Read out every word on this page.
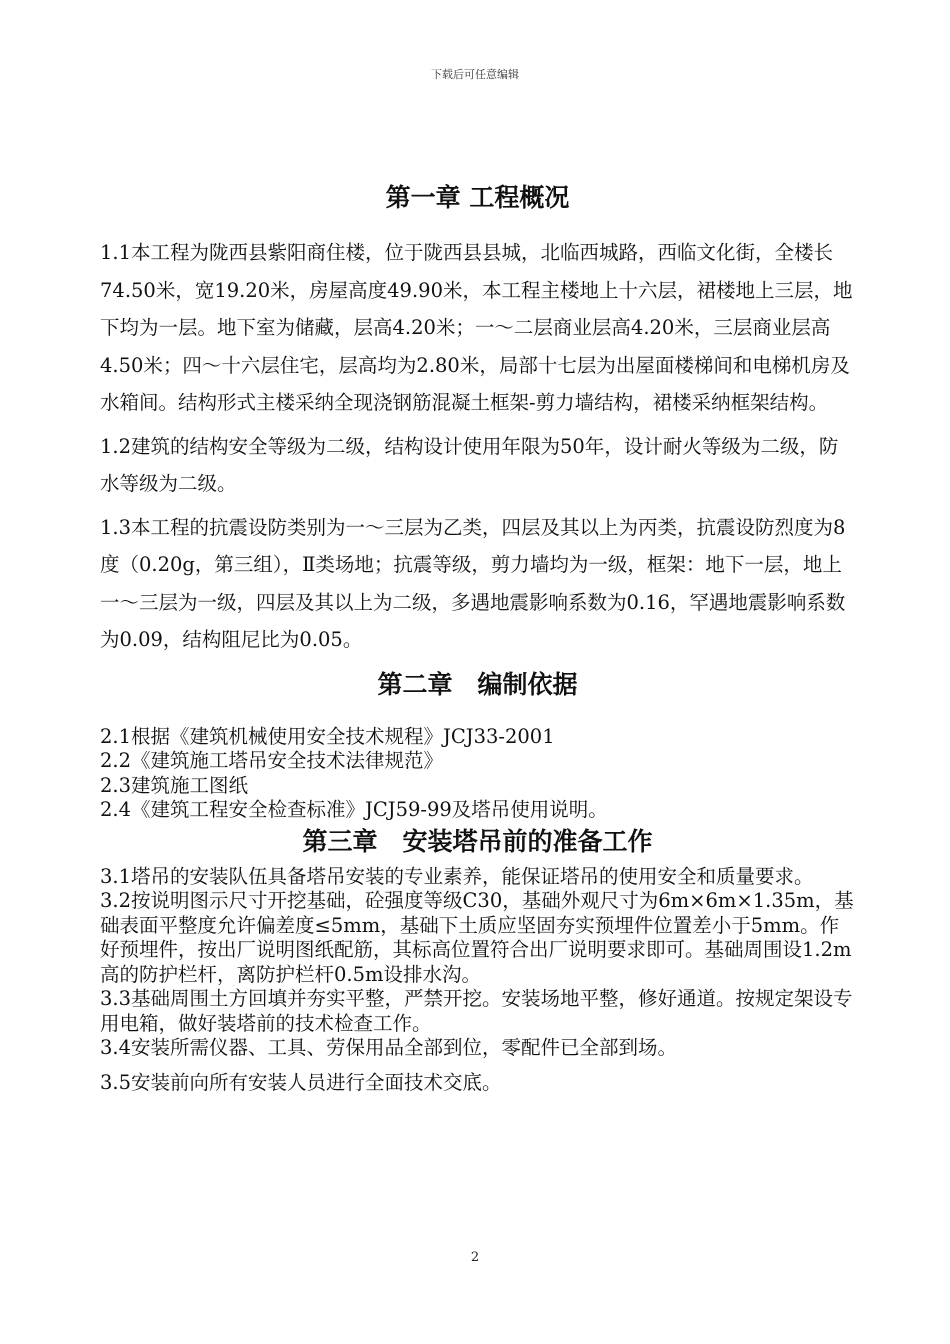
下载后可任意编辑
第一章 工程概况

1.1本工程为陇西县紫阳商住楼，位于陇西县县城，北临西城路，西临文化街，全楼长74.50米，宽19.20米，房屋高度49.90米，本工程主楼地上十六层，裙楼地上三层，地下均为一层。地下室为储藏，层高4.20米；一～二层商业层高4.20米，三层商业层高4.50米；四～十六层住宅，层高均为2.80米，局部十七层为出屋面楼梯间和电梯机房及水箱间。结构形式主楼采纳全现浇钢筋混凝土框架-剪力墙结构，裙楼采纳框架结构。

1.2建筑的结构安全等级为二级，结构设计使用年限为50年，设计耐火等级为二级，防水等级为二级。

1.3本工程的抗震设防类别为一～三层为乙类，四层及其以上为丙类，抗震设防烈度为8度（0.20g，第三组），Ⅱ类场地；抗震等级，剪力墙均为一级，框架：地下一层，地上一～三层为一级，四层及其以上为二级，多遇地震影响系数为0.16，罕遇地震影响系数为0.09，结构阻尼比为0.05。

第二章　编制依据
2.1根据《建筑机械使用安全技术规程》JCJ33-2001
2.2《建筑施工塔吊安全技术法律规范》
2.3建筑施工图纸
2.4《建筑工程安全检查标准》JCJ59-99及塔吊使用说明。
第三章　安装塔吊前的准备工作

3.1塔吊的安装队伍具备塔吊安装的专业素养，能保证塔吊的使用安全和质量要求。

3.2按说明图示尺寸开挖基础，砼强度等级C30，基础外观尺寸为6m×6m×1.35m，基础表面平整度允许偏差度≤5mm，基础下土质应坚固夯实预埋件位置差小于5mm。作好预埋件，按出厂说明图纸配筋，其标高位置符合出厂说明要求即可。基础周围设1.2m高的防护栏杆，离防护栏杆0.5m设排水沟。

3.3基础周围土方回填并夯实平整，严禁开挖。安装场地平整，修好通道。按规定架设专用电箱，做好装塔前的技术检查工作。

3.4安装所需仪器、工具、劳保用品全部到位，零配件已全部到场。

3.5安装前向所有安装人员进行全面技术交底。

2
